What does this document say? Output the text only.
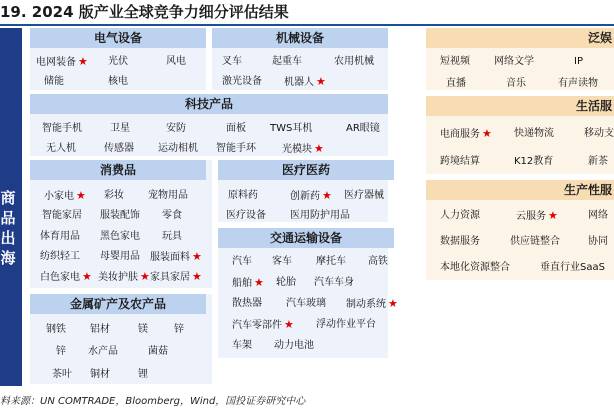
19. 2024 版产业全球竞争力细分评估结果
商
品
出
海
电气设备
电网装备 ★ 光伏	风电
储能	核电
机械设备
叉车	起重车	农用机械
激光设备 机器人 ★
科技产品
智能手机	卫星	安防	面板 TWS耳机	AR眼镜
无人机	传感器 运动相机 智能手环	光模块 ★
消费品
小家电 ★ 彩妆 宠物用品
智能家居 服装配饰 零食
体育用品 黑色家电 玩具
纺织轻工 母婴用品 服装面料 ★
白色家电 ★ 美妆护肤 ★ 家具家居 ★
医疗医药
原料药	创新药 ★ 医疗器械
医疗设备 医用防护用品
交通运输设备
汽车 客车 摩托车 高铁
船舶 ★ 轮胎 汽车车身
散热器 汽车玻璃 制动系统 ★
汽车零部件 ★ 浮动作业平台
车架 动力电池
金属矿产及农产品
钢铁 铝材	镁	锌
锌 水产品	菌菇
茶叶 铜材	锂
泛娱
短视频 网络文学	IP
直播	音乐	有声读物
生活服
电商服务 ★ 快递物流	移动支
跨境结算	K12教育	新茶
生产性服
人力资源	云服务 ★	网络
数据服务	供应链整合	协同
本地化资源整合	垂直行业SaaS
料来源：UN COMTRADE，Bloomberg，Wind，国投证券研究中心
